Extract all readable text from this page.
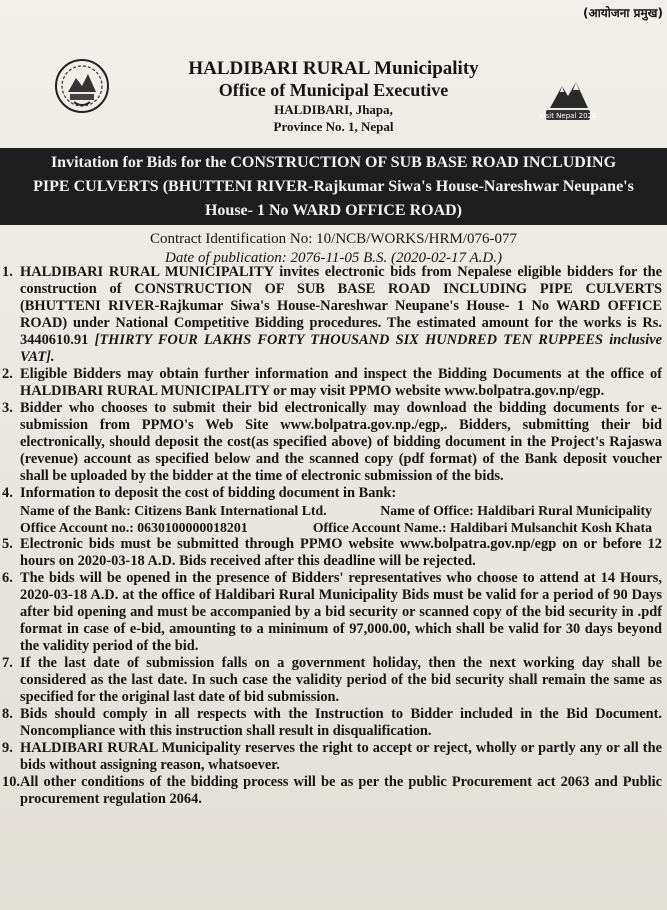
(आयोजना प्रमुख)
HALDIBARI RURAL Municipality
Office of Municipal Executive
HALDIBARI, Jhapa,
Province No. 1, Nepal
visit Nepal 2020
Invitation for Bids for the CONSTRUCTION OF SUB BASE ROAD INCLUDING
PIPE CULVERTS (BHUTTENI RIVER-Rajkumar Siwa's House-Nareshwar Neupane's
House- 1 No WARD OFFICE ROAD)
Contract Identification No: 10/NCB/WORKS/HRM/076-077
Date of publication: 2076-11-05 B.S. (2020-02-17 A.D.)
1. HALDIBARI RURAL MUNICIPALITY invites electronic bids from Nepalese eligible bidders for the construction of CONSTRUCTION OF SUB BASE ROAD INCLUDING PIPE CULVERTS (BHUTTENI RIVER-Rajkumar Siwa's House-Nareshwar Neupane's House- 1 No WARD OFFICE ROAD) under National Competitive Bidding procedures. The estimated amount for the works is Rs. 3440610.91 [THIRTY FOUR LAKHS FORTY THOUSAND SIX HUNDRED TEN RUPPEES inclusive VAT].
2. Eligible Bidders may obtain further information and inspect the Bidding Documents at the office of HALDIBARI RURAL MUNICIPALITY or may visit PPMO website www.bolpatra.gov.np/egp.
3. Bidder who chooses to submit their bid electronically may download the bidding documents for e-submission from PPMO's Web Site www.bolpatra.gov.np./egp,. Bidders, submitting their bid electronically, should deposit the cost(as specified above) of bidding document in the Project's Rajaswa (revenue) account as specified below and the scanned copy (pdf format) of the Bank deposit voucher shall be uploaded by the bidder at the time of electronic submission of the bids.
4. Information to deposit the cost of bidding document in Bank:
Name of the Bank: Citizens Bank International Ltd.	Name of Office: Haldibari Rural Municipality
Office Account no.: 0630100000018201	Office Account Name.: Haldibari Mulsanchit Kosh Khata
5. Electronic bids must be submitted through PPMO website www.bolpatra.gov.np/egp on or before 12 hours on 2020-03-18 A.D. Bids received after this deadline will be rejected.
6. The bids will be opened in the presence of Bidders' representatives who choose to attend at 14 Hours, 2020-03-18 A.D. at the office of Haldibari Rural Municipality Bids must be valid for a period of 90 Days after bid opening and must be accompanied by a bid security or scanned copy of the bid security in .pdf format in case of e-bid, amounting to a minimum of 97,000.00, which shall be valid for 30 days beyond the validity period of the bid.
7. If the last date of submission falls on a government holiday, then the next working day shall be considered as the last date. In such case the validity period of the bid security shall remain the same as specified for the original last date of bid submission.
8. Bids should comply in all respects with the Instruction to Bidder included in the Bid Document. Noncompliance with this instruction shall result in disqualification.
9. HALDIBARI RURAL Municipality reserves the right to accept or reject, wholly or partly any or all the bids without assigning reason, whatsoever.
10. All other conditions of the bidding process will be as per the public Procurement act 2063 and Public procurement regulation 2064.
